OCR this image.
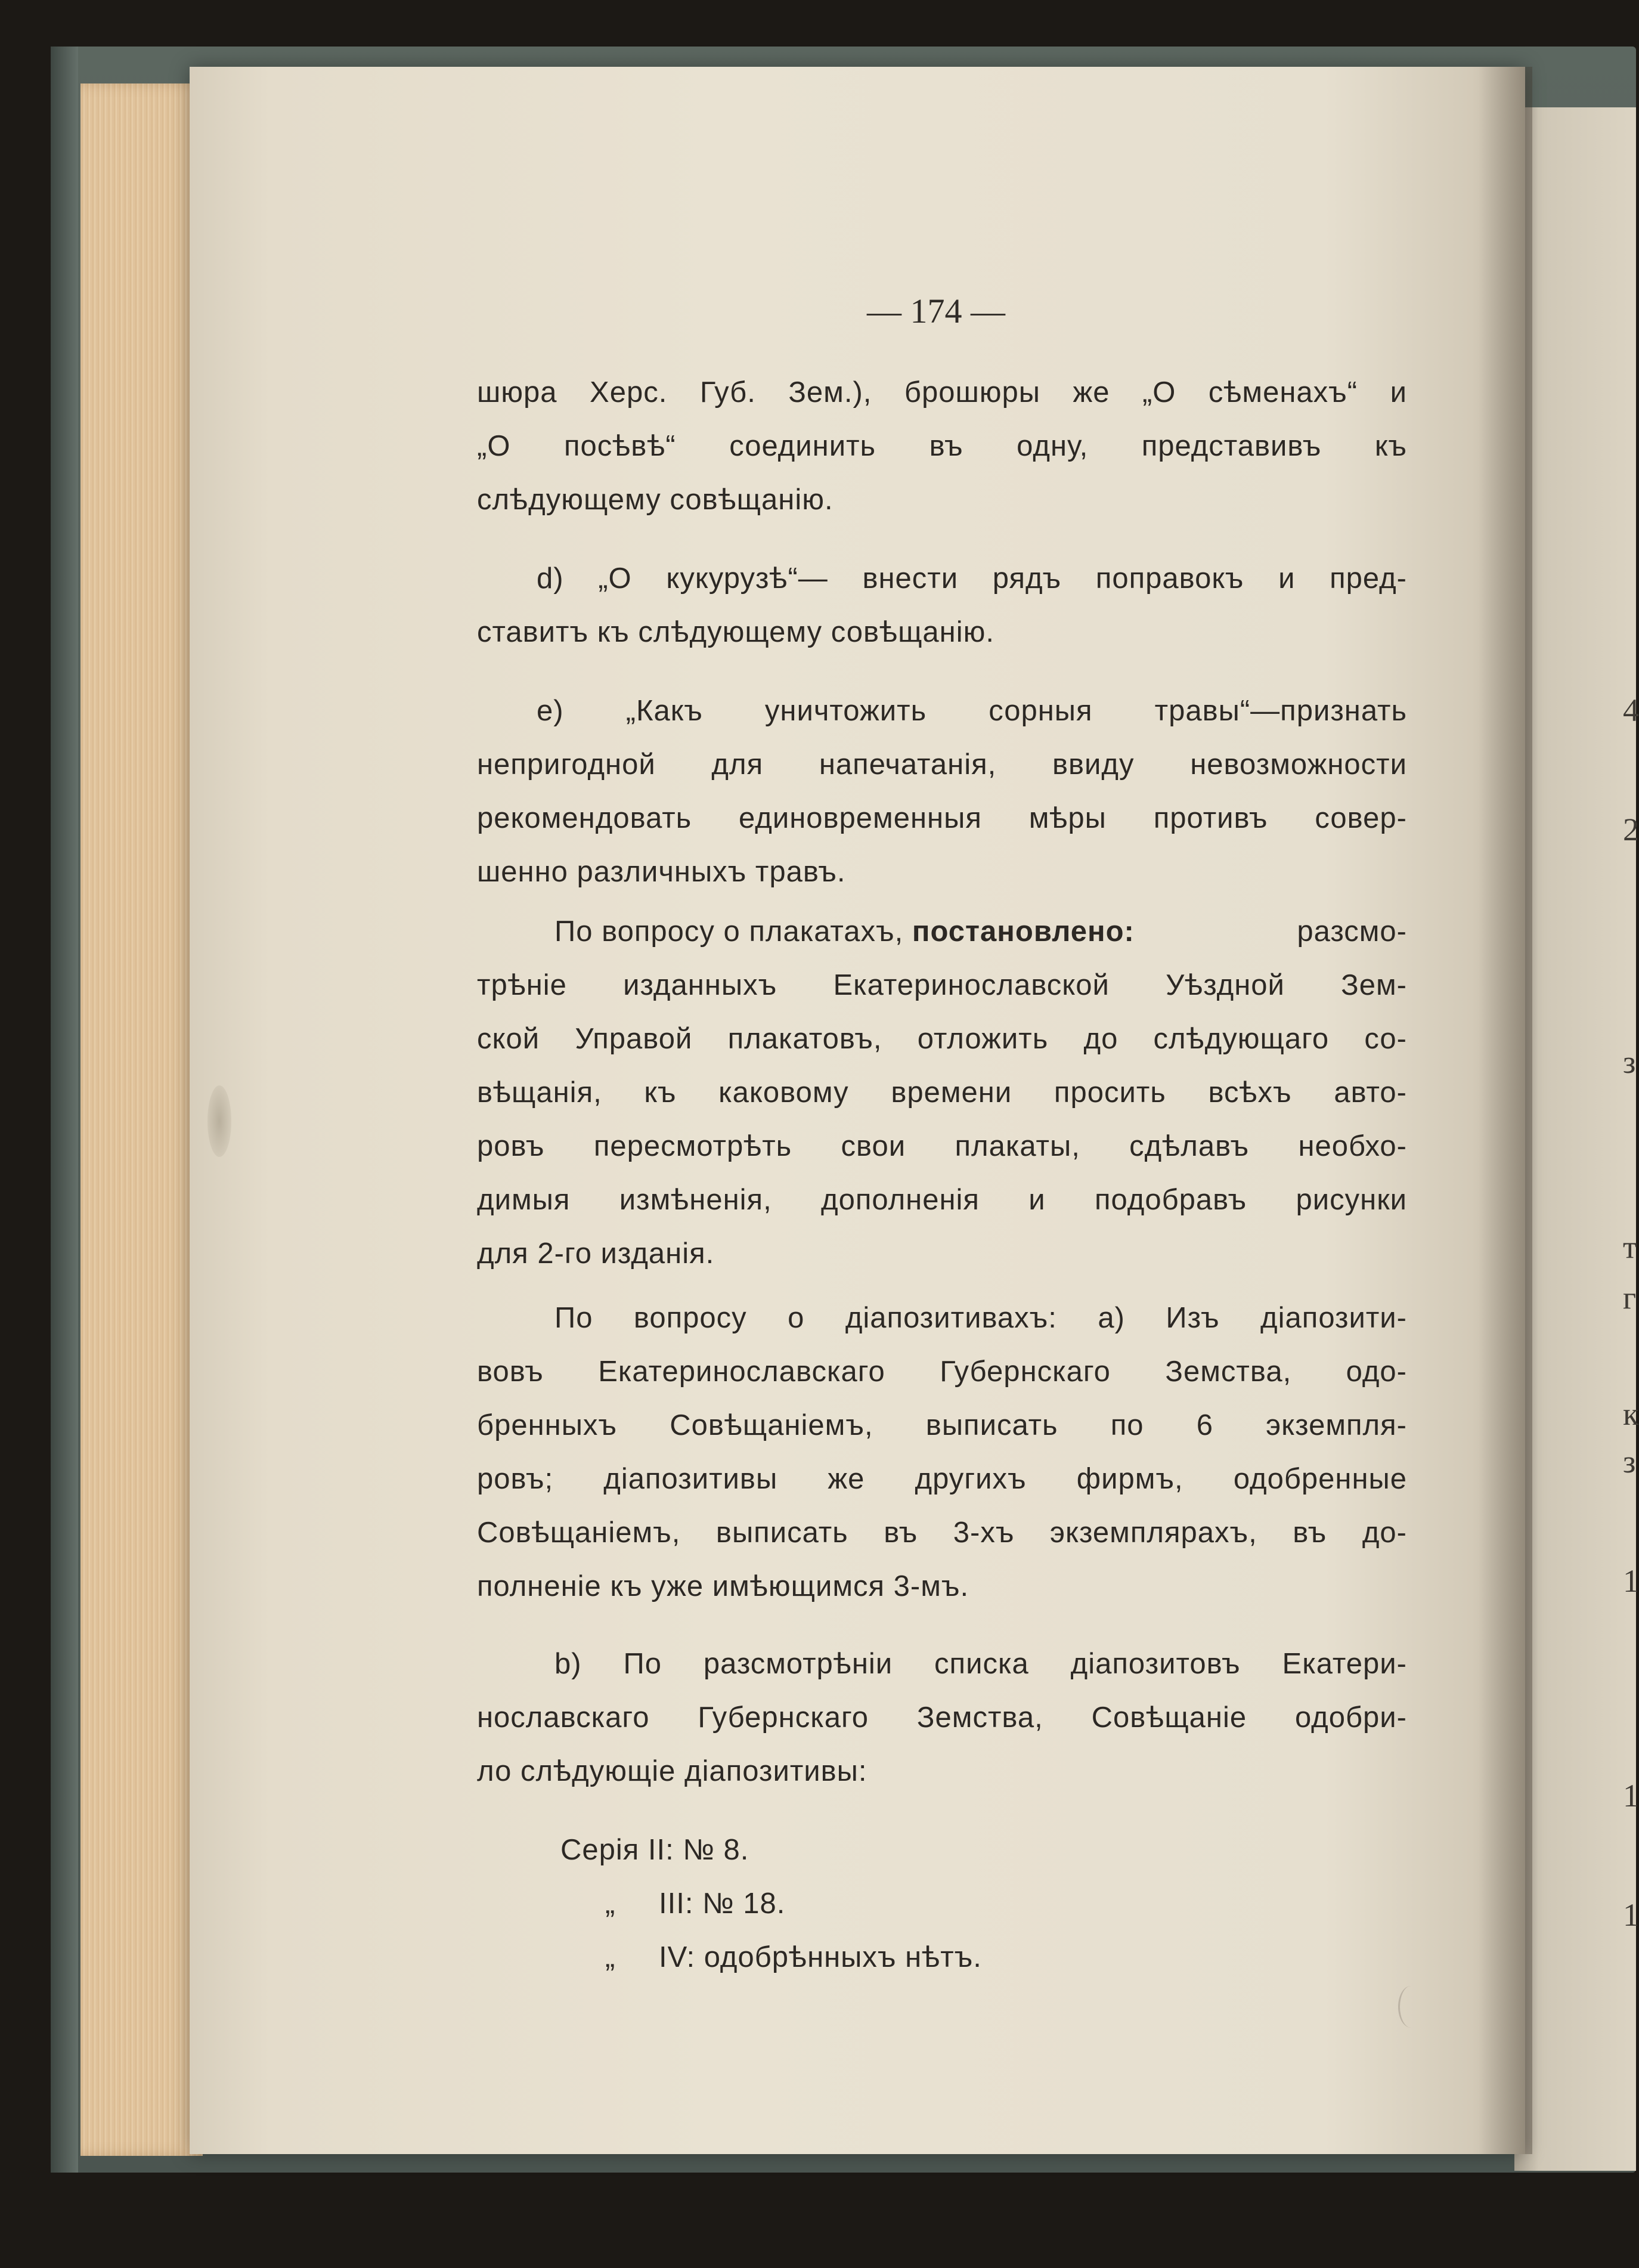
4
2
з
т
г
к
з
1
1
1
— 174 —
шюра Херс. Губ. Зем.), брошюры же „О сѣменахъ“ и
„О посѣвѣ“ соединить въ одну, представивъ къ
слѣдующему совѣщанію.
d) „О кукурузѣ“— внести рядъ поправокъ и пред-
ставитъ къ слѣдующему совѣщанію.
e) „Какъ уничтожить сорныя травы“—признать
непригодной для напечатанія, ввиду невозможности
рекомендовать единовременныя мѣры противъ совер-
шенно различныхъ травъ.
По вопросу о плакатахъ, постановлено:	разсмо-
трѣніе изданныхъ Екатеринославской Уѣздной Зем-
ской Управой плакатовъ, отложить до слѣдующаго со-
вѣщанія, къ каковому времени просить всѣхъ авто-
ровъ пересмотрѣть свои плакаты, сдѣлавъ необхо-
димыя измѣненія, дополненія и подобравъ рисунки
для 2-го изданія.
По вопросу о діапозитивахъ: a) Изъ діапозити-
вовъ Екатеринославскаго Губернскаго Земства, одо-
бренныхъ Совѣщаніемъ, выписать по 6 экземпля-
ровъ; діапозитивы же другихъ фирмъ, одобренные
Совѣщаніемъ, выписать въ 3-хъ экземплярахъ, въ до-
полненіе къ уже имѣющимся 3-мъ.
b) По разсмотрѣніи списка діапозитовъ Екатери-
нославскаго Губернскаго Земства, Совѣщаніе одобри-
ло слѣдующіе діапозитивы:
Серія II: № 8.
„ III: № 18.
„ IV: одобрѣнныхъ нѣтъ.
